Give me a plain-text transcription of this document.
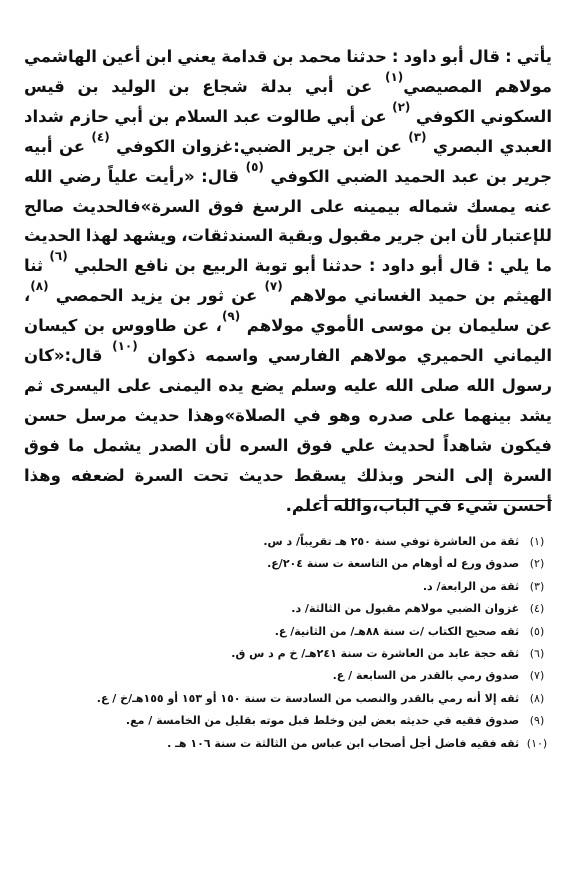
يأتي : قال أبو داود : حدثنا محمد بن قدامة يعني ابن أعين الهاشمي مولاهم المصيصي$^{(١)}$ عن أبي بدلة شجاع بن الوليد بن قيس السكوني الكوفي $^{(٢)}$ عن أبي طالوت عبد السلام بن أبي حازم شداد العبدي البصري $^{(٣)}$ عن ابن جرير الضبي:غزوان الكوفي $^{(٤)}$ عن أبيه جرير بن عبد الحميد الضبي الكوفي $^{(٥)}$ قال: «رأيت علياً رضي الله عنه يمسك شماله بيمينه على الرسغ فوق السرة»فالحديث صالح للإعتبار لأن ابن جرير مقبول وبقية السندثقات، ويشهد لهذا الحديث ما يلي : قال أبو داود : حدثنا أبو توبة الربيع بن نافع الحلبي $^{(٦)}$ ثنا الهيثم بن حميد الغساني مولاهم $^{(٧)}$ عن ثور بن يزيد الحمصي $^{(٨)}$، عن سليمان بن موسى الأموي مولاهم $^{(٩)}$، عن طاووس بن كيسان اليماني الحميري مولاهم الفارسي واسمه ذكوان $^{(١٠)}$ قال:«كان رسول الله صلى الله عليه وسلم يضع يده اليمنى على اليسرى ثم يشد بينهما على صدره وهو في الصلاة»وهذا حديث مرسل حسن فيكون شاهداً لحديث علي فوق السره لأن الصدر يشمل ما فوق السرة إلى النحر وبذلك يسقط حديث تحت السرة لضعفه وهذا أحسن شيء في الباب،والله أعلم.
(١) ثقة من العاشرة توفي سنة ٢٥٠ هـ تقريباً/ د س.
(٢) صدوق ورع له أوهام من التاسعة ت سنة ٢٠٤/ع.
(٣) ثقة من الرابعة/ د.
(٤) غزوان الضبي مولاهم مقبول من الثالثة/ د.
(٥) ثقه صحيح الكتاب /ت سنة ٨٨هـ/ من الثانية/ ع.
(٦) ثقه حجة عابد من العاشرة ت سنة ٢٤١هـ/ خ م د س ق.
(٧) صدوق رمي بالقدر من السابعة / ع.
(٨) ثقه إلا أنه رمي بالقدر والنصب من السادسة ت سنة ١٥٠ أو ١٥٣ أو ١٥٥هـ/خ / ع.
(٩) صدوق فقيه في حديثه بعض لين وخلط قبل موته بقليل من الخامسة / مع.
(١٠) ثقه فقيه فاضل أجل أصحاب ابن عباس من الثالثة ت سنة ١٠٦ هـ .
